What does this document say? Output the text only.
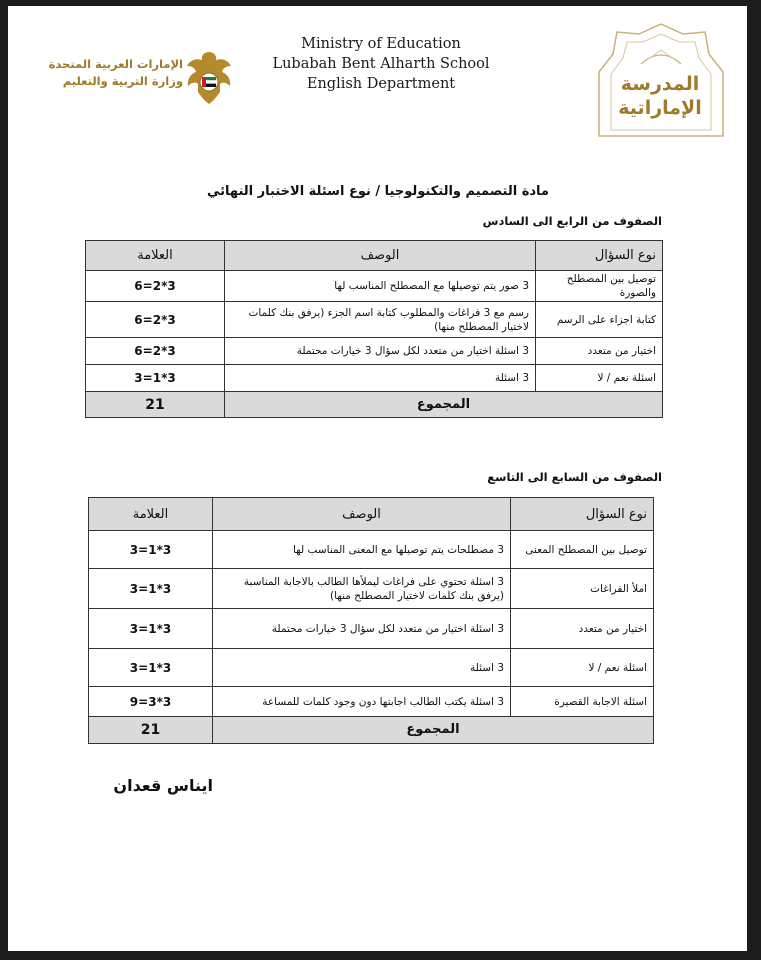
الإمارات العربية المتحدة
وزارة التربية والتعليم
Ministry of Education
Lubabah Bent Alharth School
English Department	المدرسة
الإماراتية
مادة التصميم والتكنولوجيا / نوع اسئلة الاختبار النهائي
الصفوف من الرابع الى السادس
نوع السؤال	الوصف	العلامة
توصيل بين المصطلح والصورة	3 صور يتم توصيلها مع المصطلح المناسب لها	3*2=6
كتابة اجزاء على الرسم	رسم مع 3 فراغات والمطلوب كتابة اسم الجزء (يرفق بنك كلمات لاختيار المصطلح منها)	3*2=6
اختيار من متعدد	3 اسئلة اختيار من متعدد لكل سؤال 3 خيارات محتملة	3*2=6
اسئلة نعم / لا	3 اسئلة	3*1=3
المجموع		21
الصفوف من السابع الى التاسع
نوع السؤال	الوصف	العلامة
توصيل بين المصطلح المعنى	3 مصطلحات يتم توصيلها مع المعنى المناسب لها	3*1=3
املأ الفراغات	3 اسئلة تحتوي على فراغات ليملأها الطالب بالاجابة المناسبة (يرفق بنك كلمات لاختيار المصطلح منها)	3*1=3
اختيار من متعدد	3 اسئلة اختيار من متعدد لكل سؤال 3 خيارات محتملة	3*1=3
اسئلة نعم / لا	3 اسئلة	3*1=3
اسئلة الاجابة القصيرة	3 اسئلة يكتب الطالب اجابتها دون وجود كلمات للمساعة	3*3=9
المجموع		21
ايناس قعدان
